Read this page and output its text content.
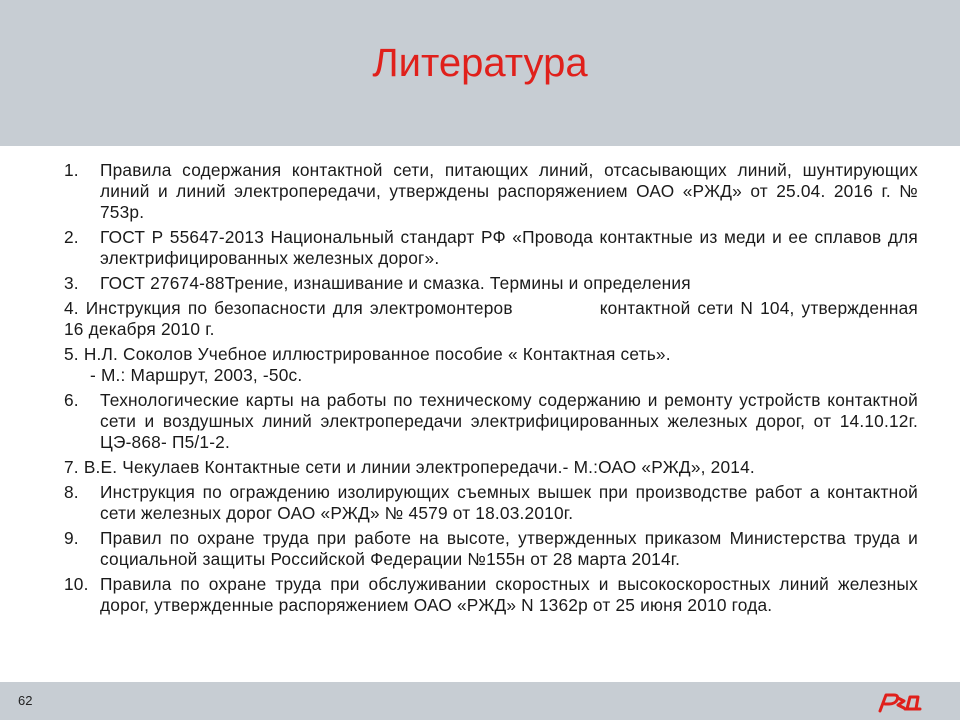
Литература
1. Правила содержания контактной сети, питающих линий, отсасывающих линий, шунтирующих линий и линий электропередачи, утверждены распоряжением ОАО «РЖД» от 25.04. 2016 г. № 753р.
2. ГОСТ Р 55647-2013 Национальный стандарт РФ «Провода контактные из меди и ее сплавов для электрифицированных железных дорог».
3. ГОСТ 27674-88Трение, изнашивание и смазка. Термины и определения
4. Инструкция по безопасности для электромонтеров	контактной сети N 104, утвержденная 16 декабря 2010 г.
5. Н.Л. Соколов Учебное иллюстрированное пособие « Контактная сеть».
- М.: Маршрут, 2003, -50с.
6. Технологические карты на работы по техническому содержанию и ремонту устройств контактной сети и воздушных линий электропередачи электрифицированных железных дорог, от 14.10.12г. ЦЭ-868- П5/1-2.
7. В.Е. Чекулаев Контактные сети и линии электропередачи.- М.:ОАО «РЖД», 2014.
8. Инструкция по ограждению изолирующих съемных вышек при производстве работ а контактной сети железных дорог ОАО «РЖД» № 4579 от 18.03.2010г.
9. Правил по охране труда при работе на высоте, утвержденных приказом Министерства труда и социальной защиты Российской Федерации №155н от 28 марта 2014г.
10. Правила по охране труда при обслуживании скоростных и высокоскоростных линий железных дорог, утвержденные распоряжением ОАО «РЖД» N 1362р от 25 июня 2010 года.
62
